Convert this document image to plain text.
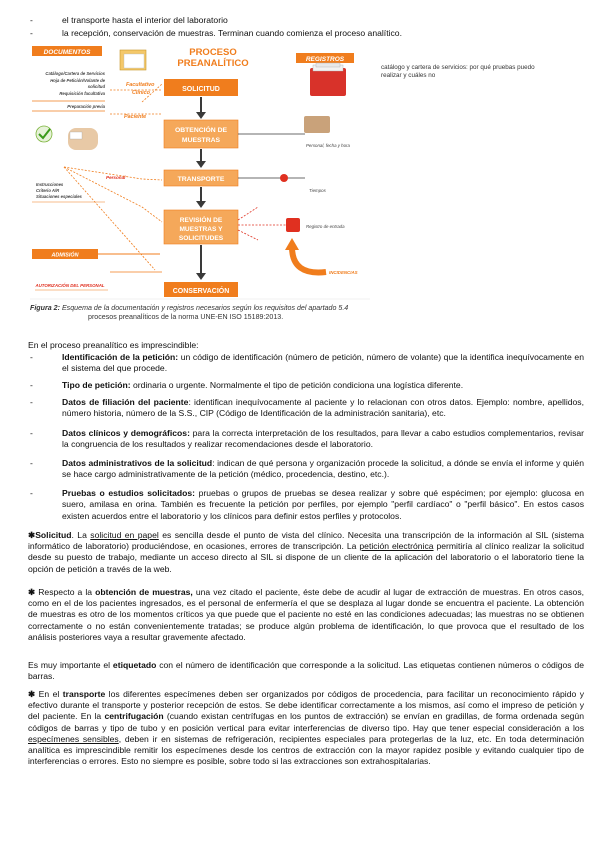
-	el transporte hasta el interior del laboratorio
-	la recepción, conservación de muestras. Terminan cuando comienza el proceso analítico.
DOCUMENTOS	PROCESO
PREANALÍTICO	REGISTROS
Catálogo/Cartera de Servicios
Hoja de Petición/Volante de
solicitud
Requisición facultativa
Preparación previa
Facultativo
Clínico
Paciente
Personal
Instrucciones
Criterio A/R
Situaciones especiales
ADMISIÓN
AUTORIZACIÓN DEL PERSONAL
SOLICITUD
OBTENCIÓN DE
MUESTRAS
TRANSPORTE
REVISIÓN DE
MUESTRAS Y
SOLICITUDES
CONSERVACIÓN
Personal, fecha y hora
Tiempos
Registro de entrada
INCIDENCIAS
catálogo y cartera de servicios: por qué pruebas puedo
realizar y cuáles no
Figura 2: Esquema de la documentación y registros necesarios según los requisitos del apartado 5.4
procesos preanalíticos de la norma UNE-EN ISO 15189:2013.
En el proceso preanalítico es imprescindible:
-	Identificación de la petición: un código de identificación (número de petición, número de volante) que la identifica inequívocamente en el sistema del que procede.
-	Tipo de petición: ordinaria o urgente. Normalmente el tipo de petición condiciona una logística diferente.
-	Datos de filiación del paciente: identifican inequívocamente al paciente y lo relacionan con otros datos. Ejemplo: nombre, apellidos, número historia, número de la S.S., CIP (Código de Identificación de la administración sanitaria), etc.
-	Datos clínicos y demográficos: para la correcta interpretación de los resultados, para llevar a cabo estudios complementarios, revisar la congruencia de los resultados y realizar recomendaciones desde el laboratorio.
-	Datos administrativos de la solicitud: indican de qué persona y organización procede la solicitud, a dónde se envía el informe y quién se hace cargo administrativamente de la petición (médico, procedencia, destino, etc.).
-	Pruebas o estudios solicitados: pruebas o grupos de pruebas se desea realizar y sobre qué espécimen; por ejemplo: glucosa en suero, amilasa en orina. También es frecuente la petición por perfiles, por ejemplo "perfil cardíaco" o "perfil básico". En estos casos existen acuerdos entre el laboratorio y los clínicos para definir estos perfiles y protocolos.
✱Solicitud. La solicitud en papel es sencilla desde el punto de vista del clínico. Necesita una transcripción de la información al SIL (sistema informático de laboratorio) produciéndose, en ocasiones, errores de transcripción. La petición electrónica permitiría al clínico realizar la solicitud desde su puesto de trabajo, mediante un acceso directo al SIL si dispone de un cliente de la aplicación del laboratorio o el laboratorio tiene la opción de petición a través de la web.
✱ Respecto a la obtención de muestras, una vez citado el paciente, éste debe de acudir al lugar de extracción de muestras. En otros casos, como en el de los pacientes ingresados, es el personal de enfermería el que se desplaza al lugar donde se encuentra el paciente. La obtención de muestras es otro de los momentos críticos ya que puede que el paciente no esté en las condiciones adecuadas; las muestras no se obtienen correctamente o no están convenientemente tratadas; se produce algún problema de identificación, lo que provoca que el resultado de los análisis posteriores vaya a resultar gravemente afectado.
Es muy importante el etiquetado con el número de identificación que corresponde a la solicitud. Las etiquetas contienen números o códigos de barras.
✱ En el transporte los diferentes especímenes deben ser organizados por códigos de procedencia, para facilitar un reconocimiento rápido y efectivo durante el transporte y posterior recepción de estos. Se debe identificar correctamente a los mismos, así como el impreso de petición y del paciente. En la centrifugación (cuando existan centrífugas en los puntos de extracción) se envían en gradillas, de forma ordenada según códigos de barras y tipo de tubo y en posición vertical para evitar interferencias de diverso tipo. Hay que tener especial consideración a los especímenes sensibles, deben ir en sistemas de refrigeración, recipientes especiales para protegerlas de la luz, etc. En toda determinación analítica es imprescindible remitir los especímenes desde los centros de extracción con la mayor rapidez posible y evitando cualquier tipo de interferencias o errores. Esto no siempre es posible, sobre todo si las extracciones son extrahospitalarias.
